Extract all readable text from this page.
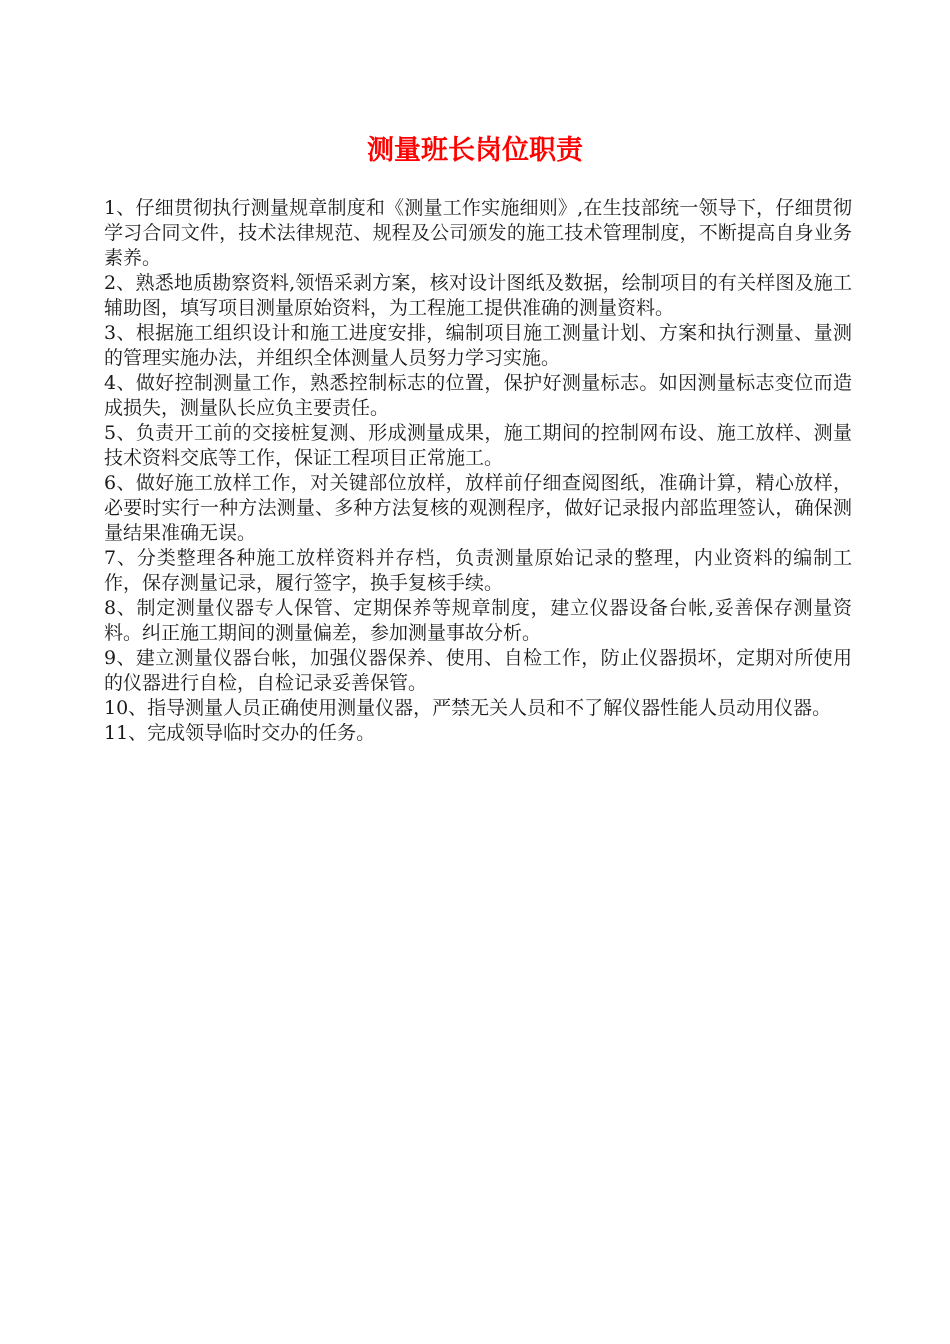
测量班长岗位职责

1、仔细贯彻执行测量规章制度和《测量工作实施细则》,在生技部统一领导下，仔细贯彻学习合同文件，技术法律规范、规程及公司颁发的施工技术管理制度，不断提高自身业务素养。

2、熟悉地质勘察资料,领悟采剥方案，核对设计图纸及数据，绘制项目的有关样图及施工辅助图，填写项目测量原始资料，为工程施工提供准确的测量资料。

3、根据施工组织设计和施工进度安排，编制项目施工测量计划、方案和执行测量、量测的管理实施办法，并组织全体测量人员努力学习实施。

4、做好控制测量工作，熟悉控制标志的位置，保护好测量标志。如因测量标志变位而造成损失，测量队长应负主要责任。

5、负责开工前的交接桩复测、形成测量成果，施工期间的控制网布设、施工放样、测量技术资料交底等工作，保证工程项目正常施工。

6、做好施工放样工作，对关键部位放样，放样前仔细查阅图纸，准确计算，精心放样，必要时实行一种方法测量、多种方法复核的观测程序，做好记录报内部监理签认，确保测量结果准确无误。

7、分类整理各种施工放样资料并存档，负责测量原始记录的整理，内业资料的编制工作，保存测量记录，履行签字，换手复核手续。

8、制定测量仪器专人保管、定期保养等规章制度，建立仪器设备台帐,妥善保存测量资料。纠正施工期间的测量偏差，参加测量事故分析。

9、建立测量仪器台帐，加强仪器保养、使用、自检工作，防止仪器损坏，定期对所使用的仪器进行自检，自检记录妥善保管。

10、指导测量人员正确使用测量仪器，严禁无关人员和不了解仪器性能人员动用仪器。

11、完成领导临时交办的任务。
